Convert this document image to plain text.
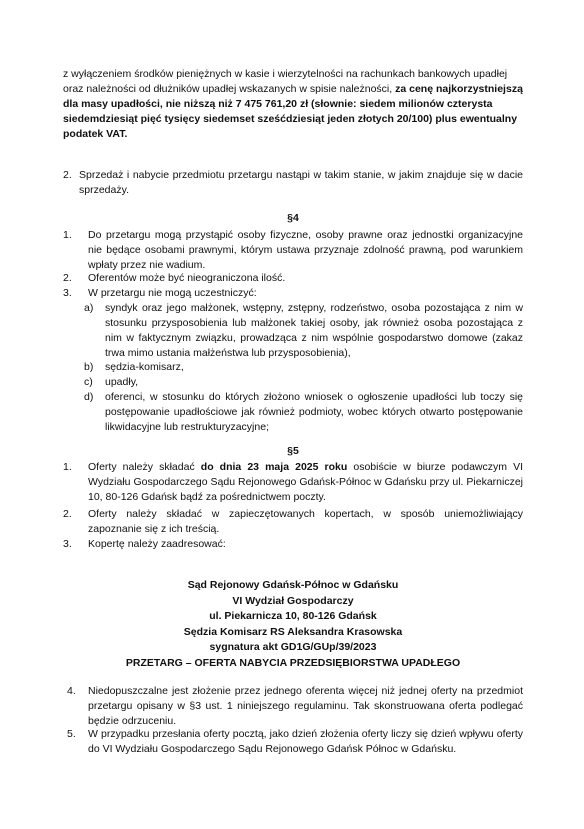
z wyłączeniem środków pieniężnych w kasie i wierzytelności na rachunkach bankowych upadłej
oraz należności od dłużników upadłej wskazanych w spisie należności, za cenę najkorzystniejszą
dla masy upadłości, nie niższą niż 7 475 761,20 zł (słownie: siedem milionów czterysta
siedemdziesiąt pięć tysięcy siedemset sześćdziesiąt jeden złotych 20/100) plus ewentualny
podatek VAT.
2. Sprzedaż i nabycie przedmiotu przetargu nastąpi w takim stanie, w jakim znajduje się w dacie sprzedaży.
§4
1. Do przetargu mogą przystąpić osoby fizyczne, osoby prawne oraz jednostki organizacyjne nie będące osobami prawnymi, którym ustawa przyznaje zdolność prawną, pod warunkiem wpłaty przez nie wadium.
2. Oferentów może być nieograniczona ilość.
3. W przetargu nie mogą uczestniczyć:
a) syndyk oraz jego małżonek, wstępny, zstępny, rodzeństwo, osoba pozostająca z nim w stosunku przysposobienia lub małżonek takiej osoby, jak również osoba pozostająca z nim w faktycznym związku, prowadząca z nim wspólnie gospodarstwo domowe (zakaz trwa mimo ustania małżeństwa lub przysposobienia),
b) sędzia-komisarz,
c) upadły,
d) oferenci, w stosunku do których złożono wniosek o ogłoszenie upadłości lub toczy się postępowanie upadłościowe jak również podmioty, wobec których otwarto postępowanie likwidacyjne lub restrukturyzacyjne;
§5
1. Oferty należy składać do dnia 23 maja 2025 roku osobiście w biurze podawczym VI Wydziału Gospodarczego Sądu Rejonowego Gdańsk-Północ w Gdańsku przy ul. Piekarniczej 10, 80-126 Gdańsk bądź za pośrednictwem poczty.
2. Oferty należy składać w zapieczętowanych kopertach, w sposób uniemożliwiający zapoznanie się z ich treścią.
3. Kopertę należy zaadresować:
Sąd Rejonowy Gdańsk-Północ w Gdańsku
VI Wydział Gospodarczy
ul. Piekarnicza 10, 80-126 Gdańsk
Sędzia Komisarz RS Aleksandra Krasowska
sygnatura akt GD1G/GUp/39/2023
PRZETARG – OFERTA NABYCIA PRZEDSIĘBIORSTWA UPADŁEGO
4. Niedopuszczalne jest złożenie przez jednego oferenta więcej niż jednej oferty na przedmiot przetargu opisany w §3 ust. 1 niniejszego regulaminu. Tak skonstruowana oferta podlegać będzie odrzuceniu.
5. W przypadku przesłania oferty pocztą, jako dzień złożenia oferty liczy się dzień wpływu oferty do VI Wydziału Gospodarczego Sądu Rejonowego Gdańsk Północ w Gdańsku.
